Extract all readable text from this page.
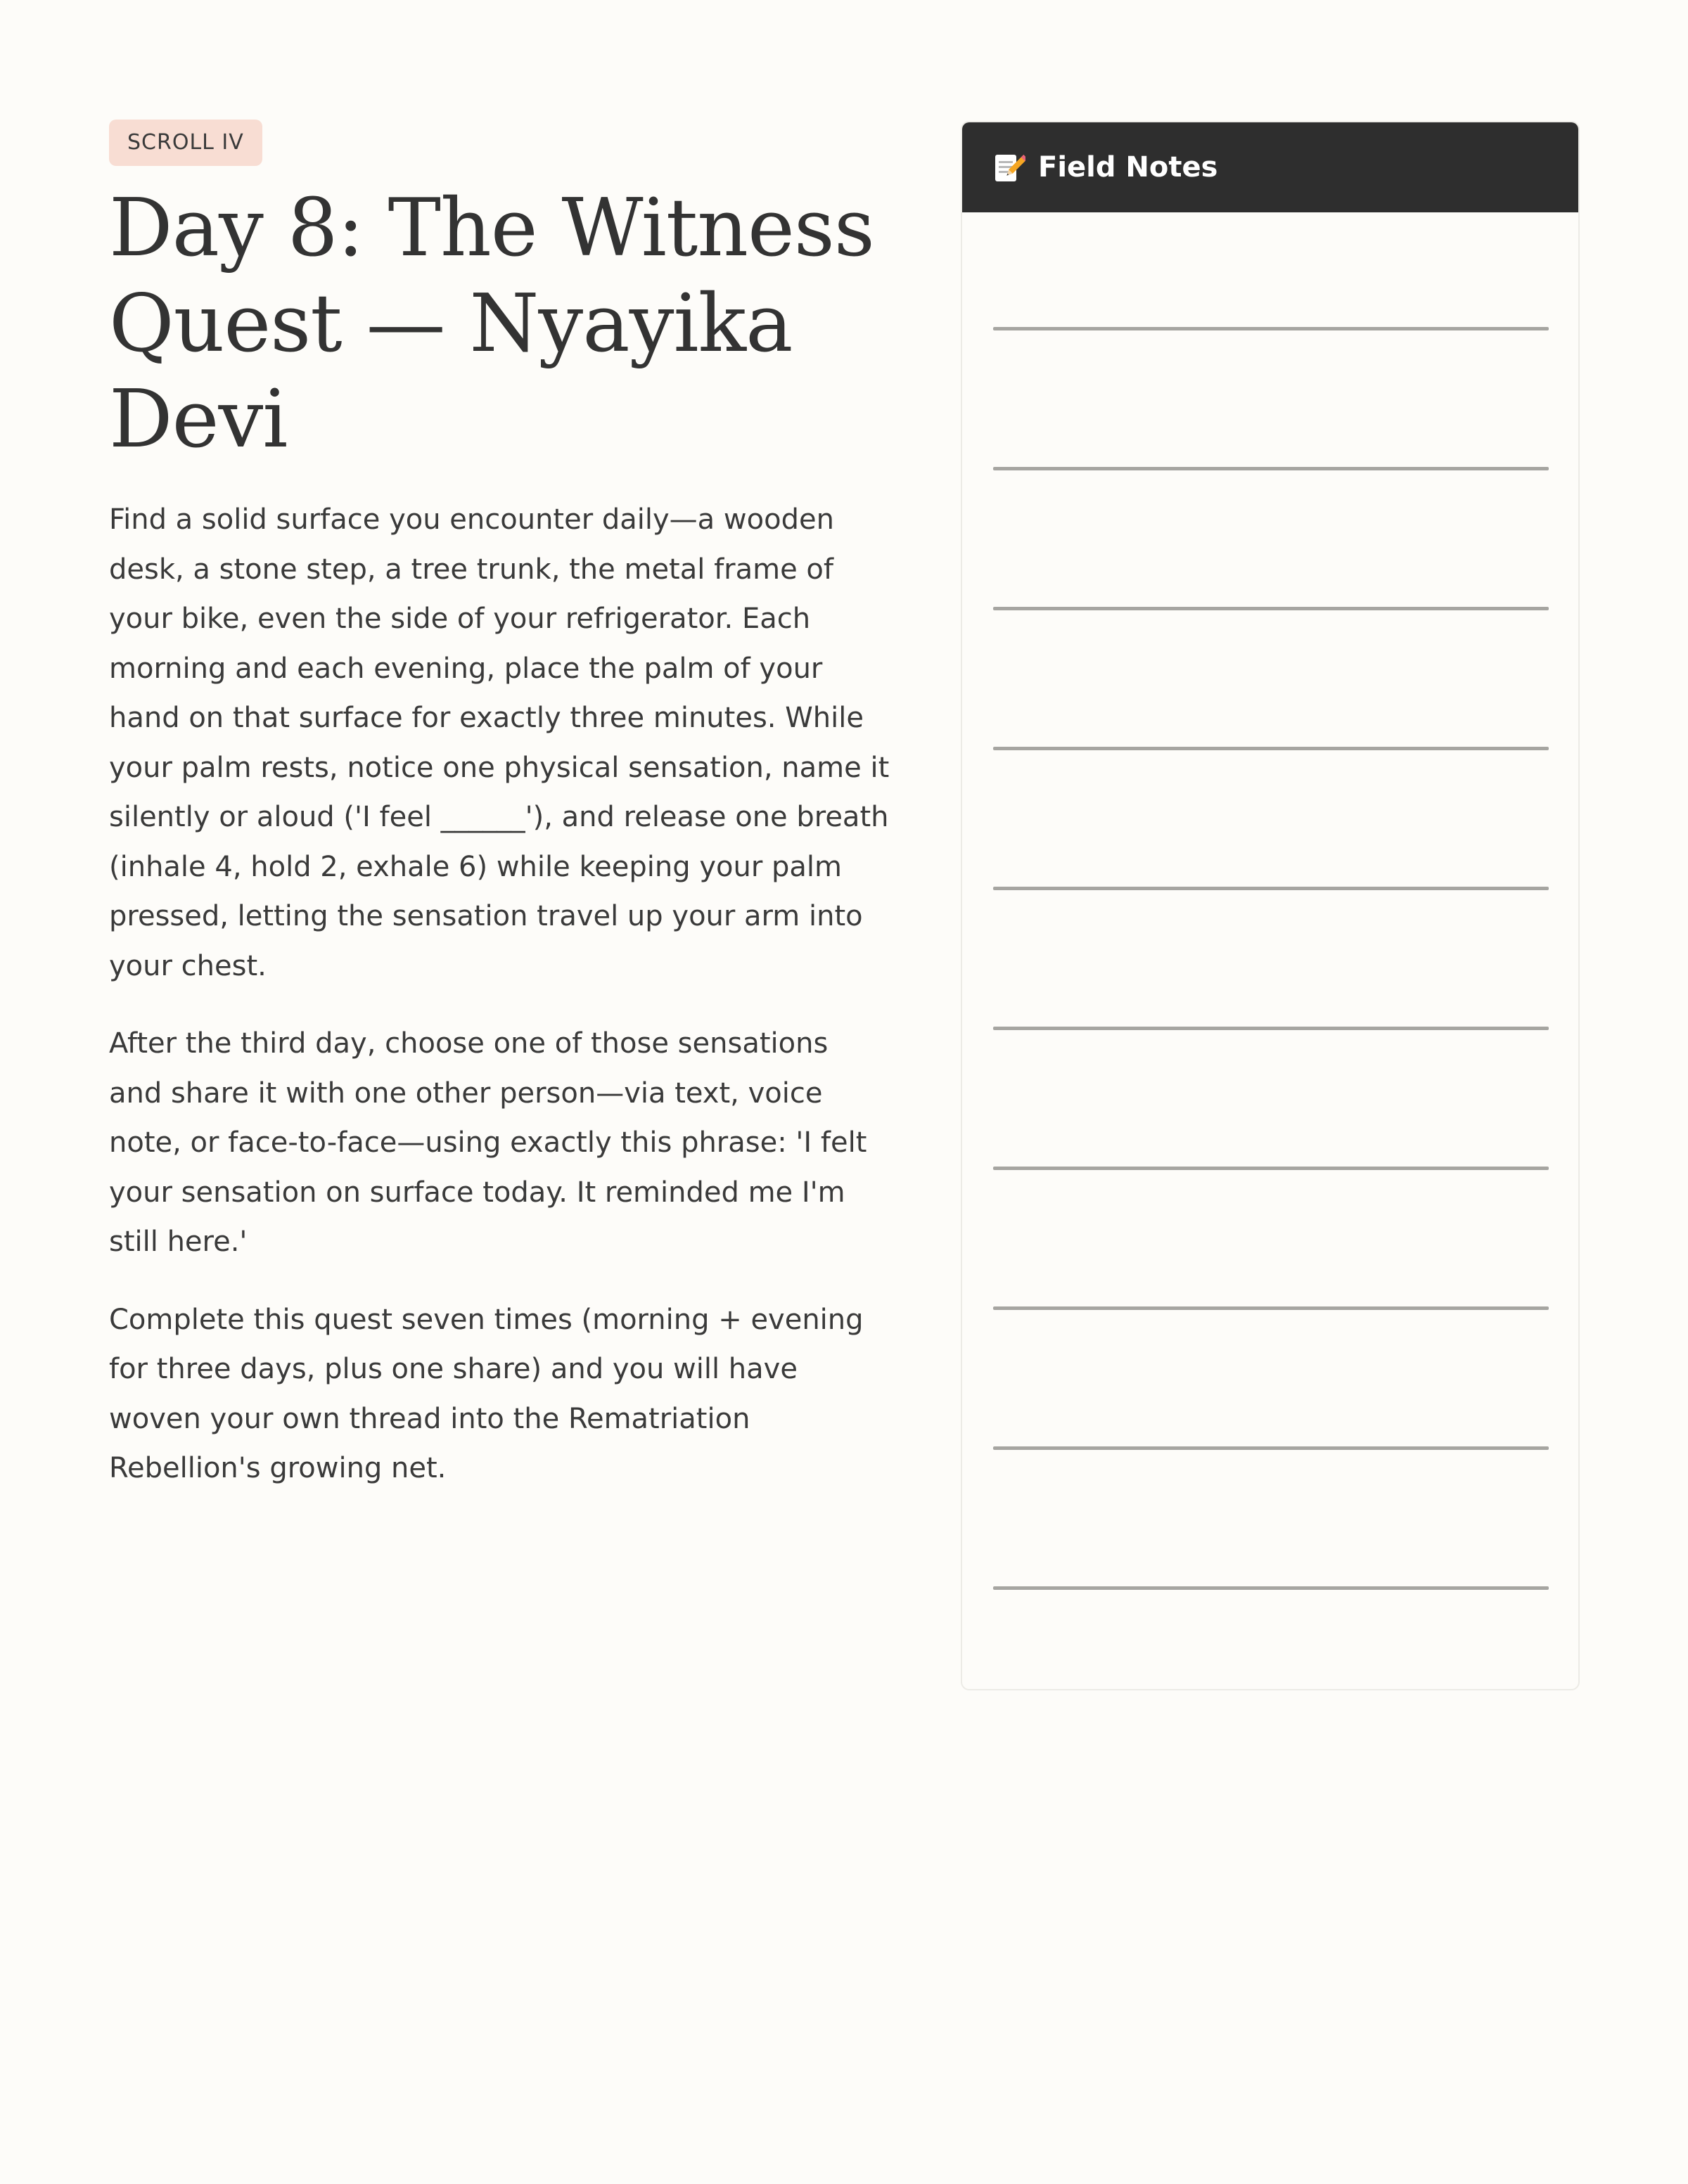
SCROLL IV
Day 8: The Witness Quest — Nyayika Devi

Find a solid surface you encounter daily—a wooden desk, a stone step, a tree trunk, the metal frame of your bike, even the side of your refrigerator. Each morning and each evening, place the palm of your hand on that surface for exactly three minutes. While your palm rests, notice one physical sensation, name it silently or aloud ('I feel ______'), and release one breath (inhale 4, hold 2, exhale 6) while keeping your palm pressed, letting the sensation travel up your arm into your chest.

After the third day, choose one of those sensations and share it with one other person—via text, voice note, or face-to-face—using exactly this phrase: 'I felt your sensation on surface today. It reminded me I'm still here.'

Complete this quest seven times (morning + evening for three days, plus one share) and you will have woven your own thread into the Rematriation Rebellion's growing net.

Field Notes
